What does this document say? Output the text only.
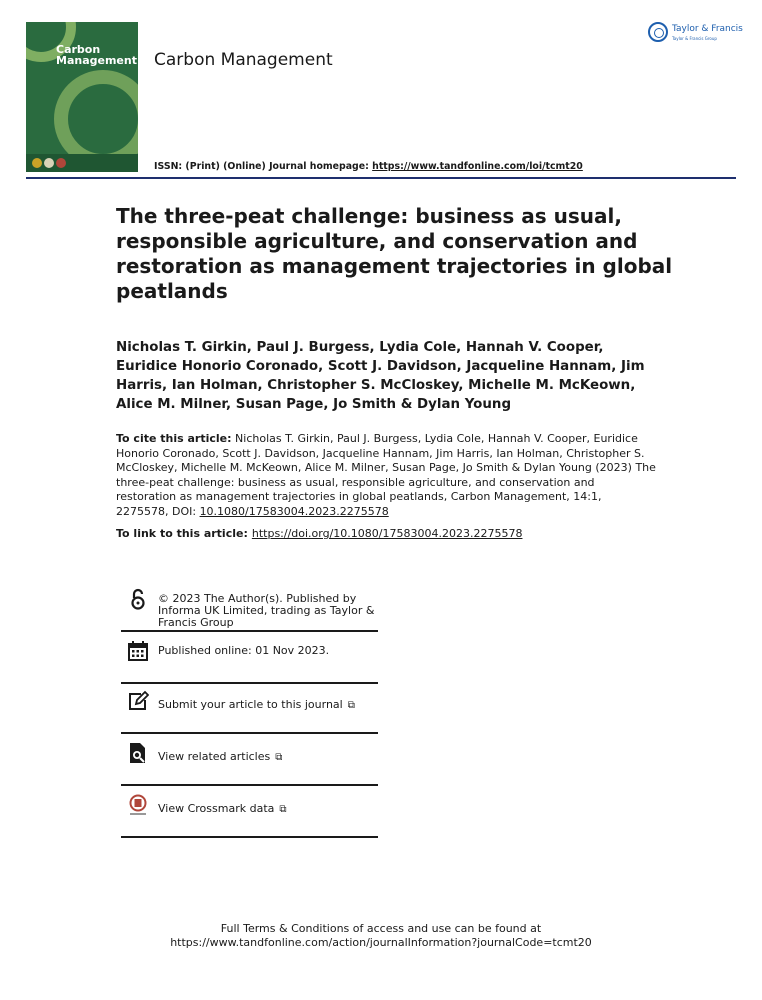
Carbon
Management Carbon Management
ISSN: (Print) (Online) Journal homepage: https://www.tandfonline.com/loi/tcmt20
Taylor & Francis
Taylor & Francis Group
The three-peat challenge: business as usual, responsible agriculture, and conservation and restoration as management trajectories in global peatlands
Nicholas T. Girkin, Paul J. Burgess, Lydia Cole, Hannah V. Cooper, Euridice Honorio Coronado, Scott J. Davidson, Jacqueline Hannam, Jim Harris, Ian Holman, Christopher S. McCloskey, Michelle M. McKeown, Alice M. Milner, Susan Page, Jo Smith & Dylan Young
To cite this article: Nicholas T. Girkin, Paul J. Burgess, Lydia Cole, Hannah V. Cooper, Euridice Honorio Coronado, Scott J. Davidson, Jacqueline Hannam, Jim Harris, Ian Holman, Christopher S. McCloskey, Michelle M. McKeown, Alice M. Milner, Susan Page, Jo Smith & Dylan Young (2023) The three-peat challenge: business as usual, responsible agriculture, and conservation and restoration as management trajectories in global peatlands, Carbon Management, 14:1, 2275578, DOI: 10.1080/17583004.2023.2275578
To link to this article: https://doi.org/10.1080/17583004.2023.2275578
© 2023 The Author(s). Published by Informa UK Limited, trading as Taylor & Francis Group
Published online: 01 Nov 2023.
Submit your article to this journal ⧉
View related articles ⧉
View Crossmark data ⧉
Full Terms & Conditions of access and use can be found at
https://www.tandfonline.com/action/journalInformation?journalCode=tcmt20
